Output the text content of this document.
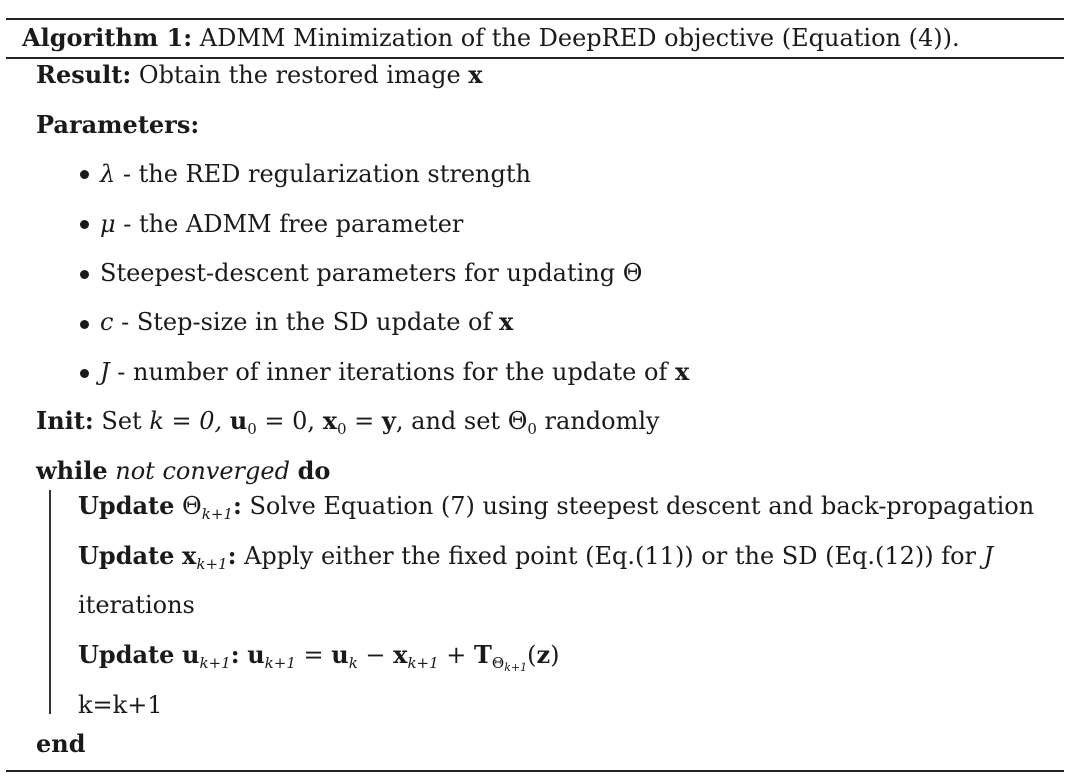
Algorithm 1: ADMM Minimization of the DeepRED objective (Equation (4)).
Result: Obtain the restored image x
Parameters:
λ - the RED regularization strength
μ - the ADMM free parameter
Steepest-descent parameters for updating Θ
c - Step-size in the SD update of x
J - number of inner iterations for the update of x
Init: Set k = 0, $u_0 = 0$, $x_0 = y$, and set $\Theta_0$ randomly
while not converged do
Update $\Theta_{k+1}$: Solve Equation (7) using steepest descent and back-propagation
Update $x_{k+1}$: Apply either the fixed point (Eq.(11)) or the SD (Eq.(12)) for J
iterations
Update $u_{k+1}$: $u_{k+1} = u_k - x_{k+1} + T_{\Theta_{k+1}}(z)$
k=k+1
end
